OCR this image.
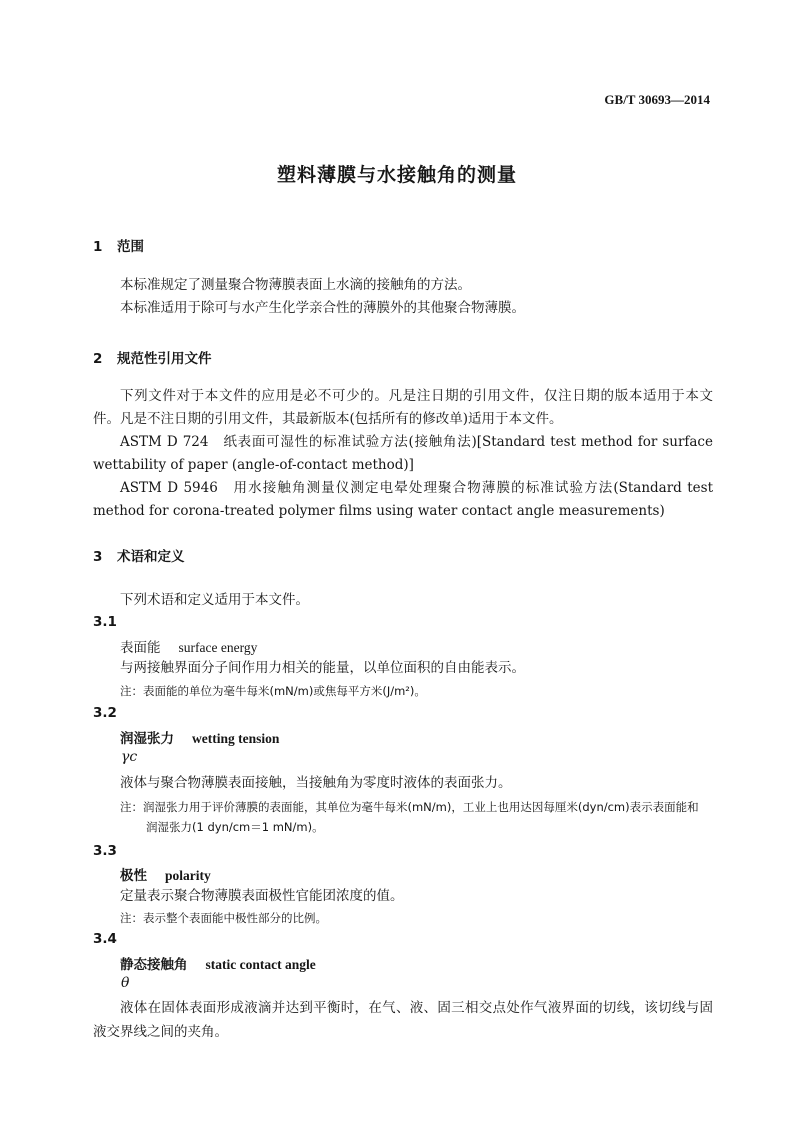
GB/T 30693—2014
塑料薄膜与水接触角的测量
1 范围
本标准规定了测量聚合物薄膜表面上水滴的接触角的方法。
本标准适用于除可与水产生化学亲合性的薄膜外的其他聚合物薄膜。
2 规范性引用文件
下列文件对于本文件的应用是必不可少的。凡是注日期的引用文件，仅注日期的版本适用于本文件。凡是不注日期的引用文件，其最新版本(包括所有的修改单)适用于本文件。
ASTM D 724　纸表面可湿性的标准试验方法(接触角法)[Standard test method for surface wettability of paper (angle-of-contact method)]
ASTM D 5946　用水接触角测量仪测定电晕处理聚合物薄膜的标准试验方法(Standard test method for corona-treated polymer films using water contact angle measurements)
3 术语和定义
下列术语和定义适用于本文件。
3.1
表面能 surface energy
与两接触界面分子间作用力相关的能量，以单位面积的自由能表示。
注：表面能的单位为毫牛每米(mN/m)或焦每平方米(J/m²)。
3.2
润湿张力 wetting tension
γc
液体与聚合物薄膜表面接触，当接触角为零度时液体的表面张力。
注：润湿张力用于评价薄膜的表面能，其单位为毫牛每米(mN/m)，工业上也用达因每厘米(dyn/cm)表示表面能和
润湿张力(1 dyn/cm＝1 mN/m)。
3.3
极性 polarity
定量表示聚合物薄膜表面极性官能团浓度的值。
注：表示整个表面能中极性部分的比例。
3.4
静态接触角 static contact angle
θ
液体在固体表面形成液滴并达到平衡时，在气、液、固三相交点处作气液界面的切线，该切线与固液交界线之间的夹角。
